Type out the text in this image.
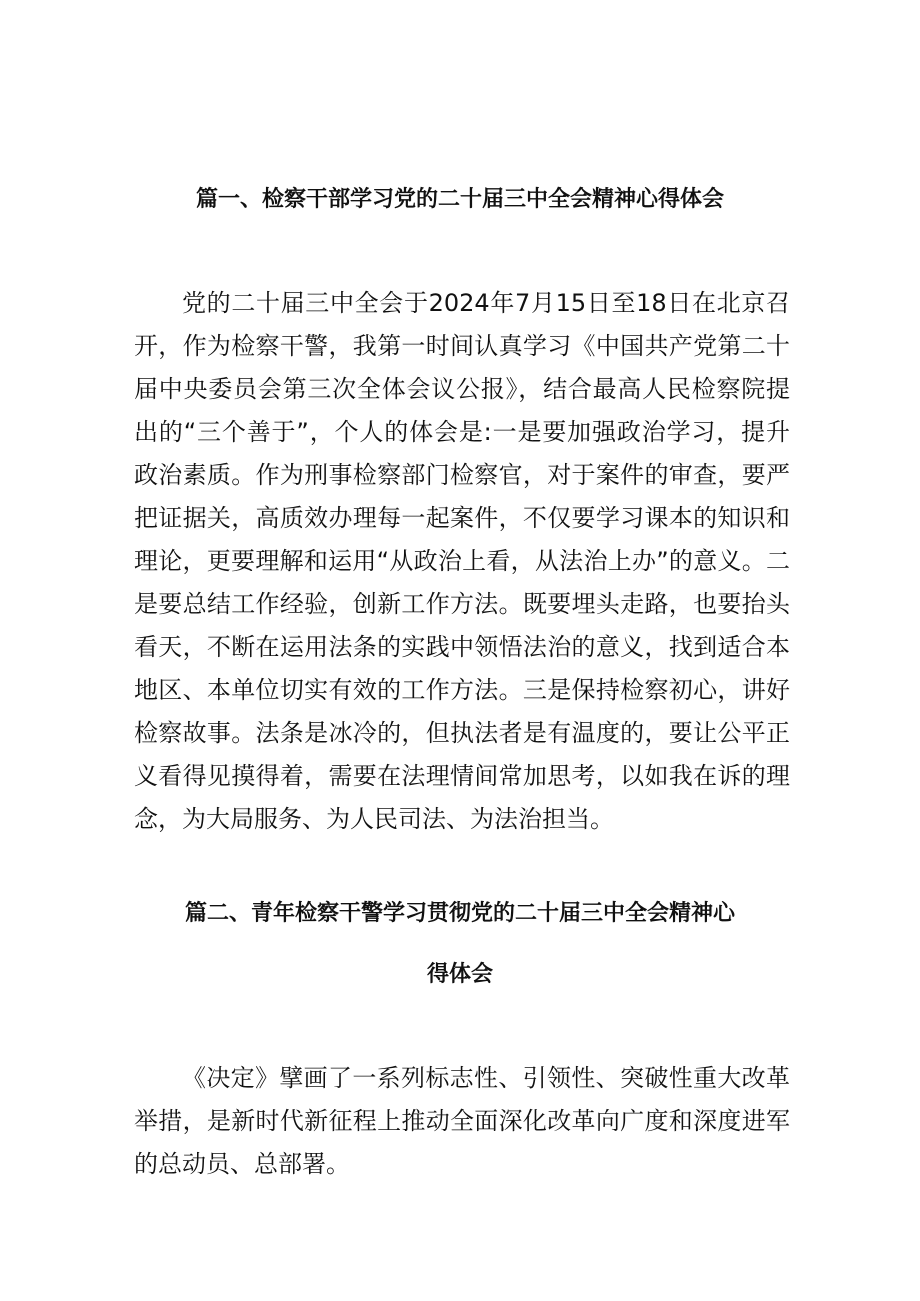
篇一、检察干部学习党的二十届三中全会精神心得体会

党的二十届三中全会于2024年7月15日至18日在北京召开，作为检察干警，我第一时间认真学习《中国共产党第二十届中央委员会第三次全体会议公报》，结合最高人民检察院提出的“三个善于”，个人的体会是:一是要加强政治学习，提升政治素质。作为刑事检察部门检察官，对于案件的审查，要严把证据关，高质效办理每一起案件，不仅要学习课本的知识和理论，更要理解和运用“从政治上看，从法治上办”的意义。二是要总结工作经验，创新工作方法。既要埋头走路，也要抬头看天，不断在运用法条的实践中领悟法治的意义，找到适合本地区、本单位切实有效的工作方法。三是保持检察初心，讲好检察故事。法条是冰冷的，但执法者是有温度的，要让公平正义看得见摸得着，需要在法理情间常加思考，以如我在诉的理念，为大局服务、为人民司法、为法治担当。

篇二、青年检察干警学习贯彻党的二十届三中全会精神心
得体会

《决定》擘画了一系列标志性、引领性、突破性重大改革举措，是新时代新征程上推动全面深化改革向广度和深度进军的总动员、总部署。
